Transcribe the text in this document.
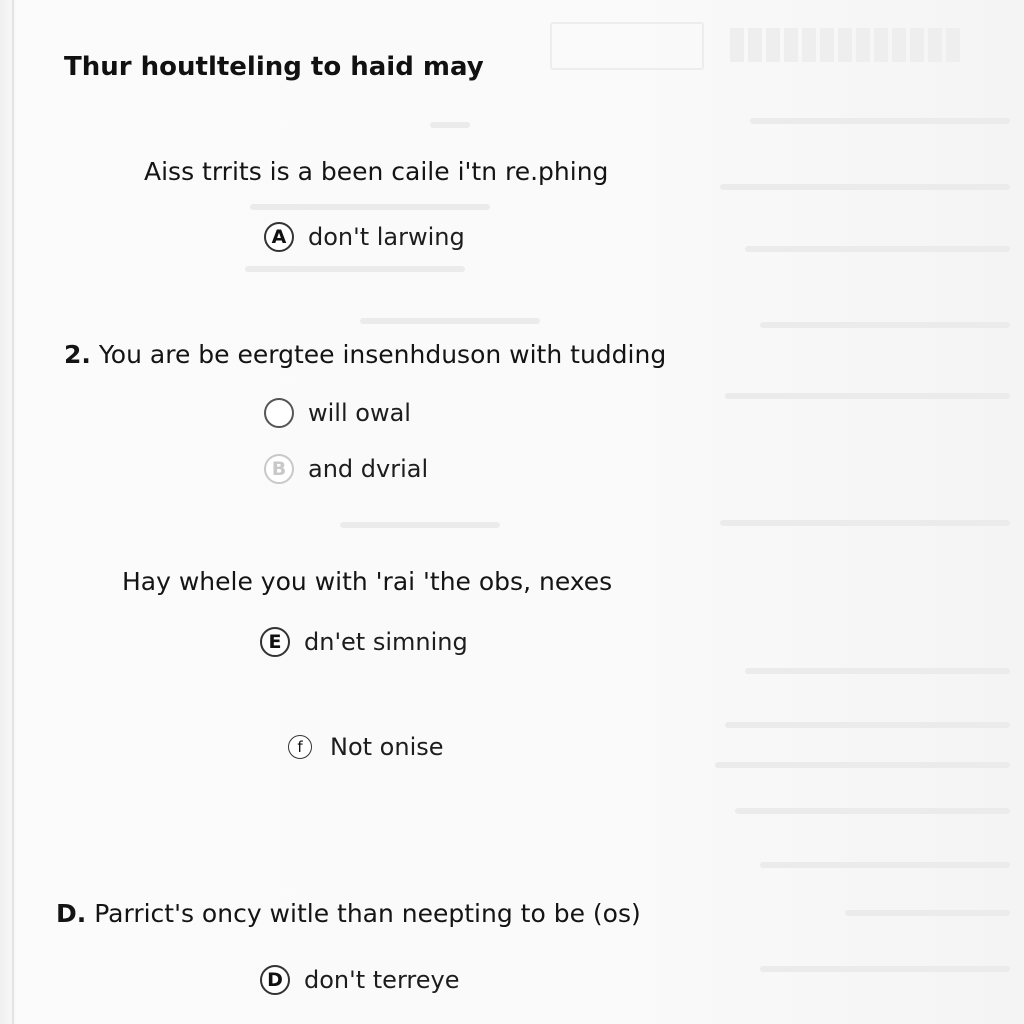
Thur houtlteling to haid may
Aiss trrits is a been caile i'tn re.phing
A don't larwing
2. You are be eergtee insenhduson with tudding
will owal
B and dvrial
Hay whele you with 'rai 'the obs, nexes
E dn'et simning
f	Not onise
D. Parrict's oncy witle than neepting to be (os)
D don't terreye
